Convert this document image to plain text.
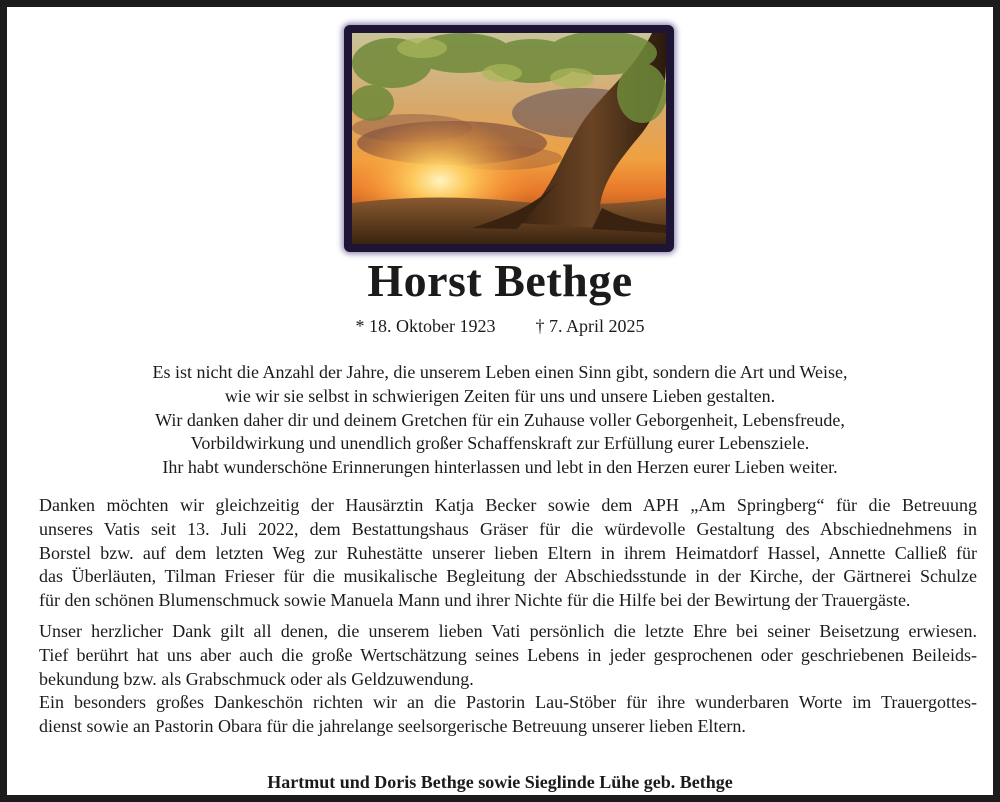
Horst Bethge
* 18. Oktober 1923 † 7. April 2025
Es ist nicht die Anzahl der Jahre, die unserem Leben einen Sinn gibt, sondern die Art und Weise,
wie wir sie selbst in schwierigen Zeiten für uns und unsere Lieben gestalten.
Wir danken daher dir und deinem Gretchen für ein Zuhause voller Geborgenheit, Lebensfreude,
Vorbildwirkung und unendlich großer Schaffenskraft zur Erfüllung eurer Lebensziele.
Ihr habt wunderschöne Erinnerungen hinterlassen und lebt in den Herzen eurer Lieben weiter.
Danken möchten wir gleichzeitig der Hausärztin Katja Becker sowie dem APH „Am Springberg“ für die Betreuung
unseres Vatis seit 13. Juli 2022, dem Bestattungshaus Gräser für die würdevolle Gestaltung des Abschiednehmens in
Borstel bzw. auf dem letzten Weg zur Ruhestätte unserer lieben Eltern in ihrem Heimatdorf Hassel, Annette Calließ für
das Überläuten, Tilman Frieser für die musikalische Begleitung der Abschiedsstunde in der Kirche, der Gärtnerei Schulze
für den schönen Blumenschmuck sowie Manuela Mann und ihrer Nichte für die Hilfe bei der Bewirtung der Trauergäste.
Unser herzlicher Dank gilt all denen, die unserem lieben Vati persönlich die letzte Ehre bei seiner Beisetzung erwiesen.
Tief berührt hat uns aber auch die große Wertschätzung seines Lebens in jeder gesprochenen oder geschriebenen Beileids-
bekundung bzw. als Grabschmuck oder als Geldzuwendung.
Ein besonders großes Dankeschön richten wir an die Pastorin Lau-Stöber für ihre wunderbaren Worte im Trauergottes-
dienst sowie an Pastorin Obara für die jahrelange seelsorgerische Betreuung unserer lieben Eltern.
Hartmut und Doris Bethge sowie Sieglinde Lühe geb. Bethge
